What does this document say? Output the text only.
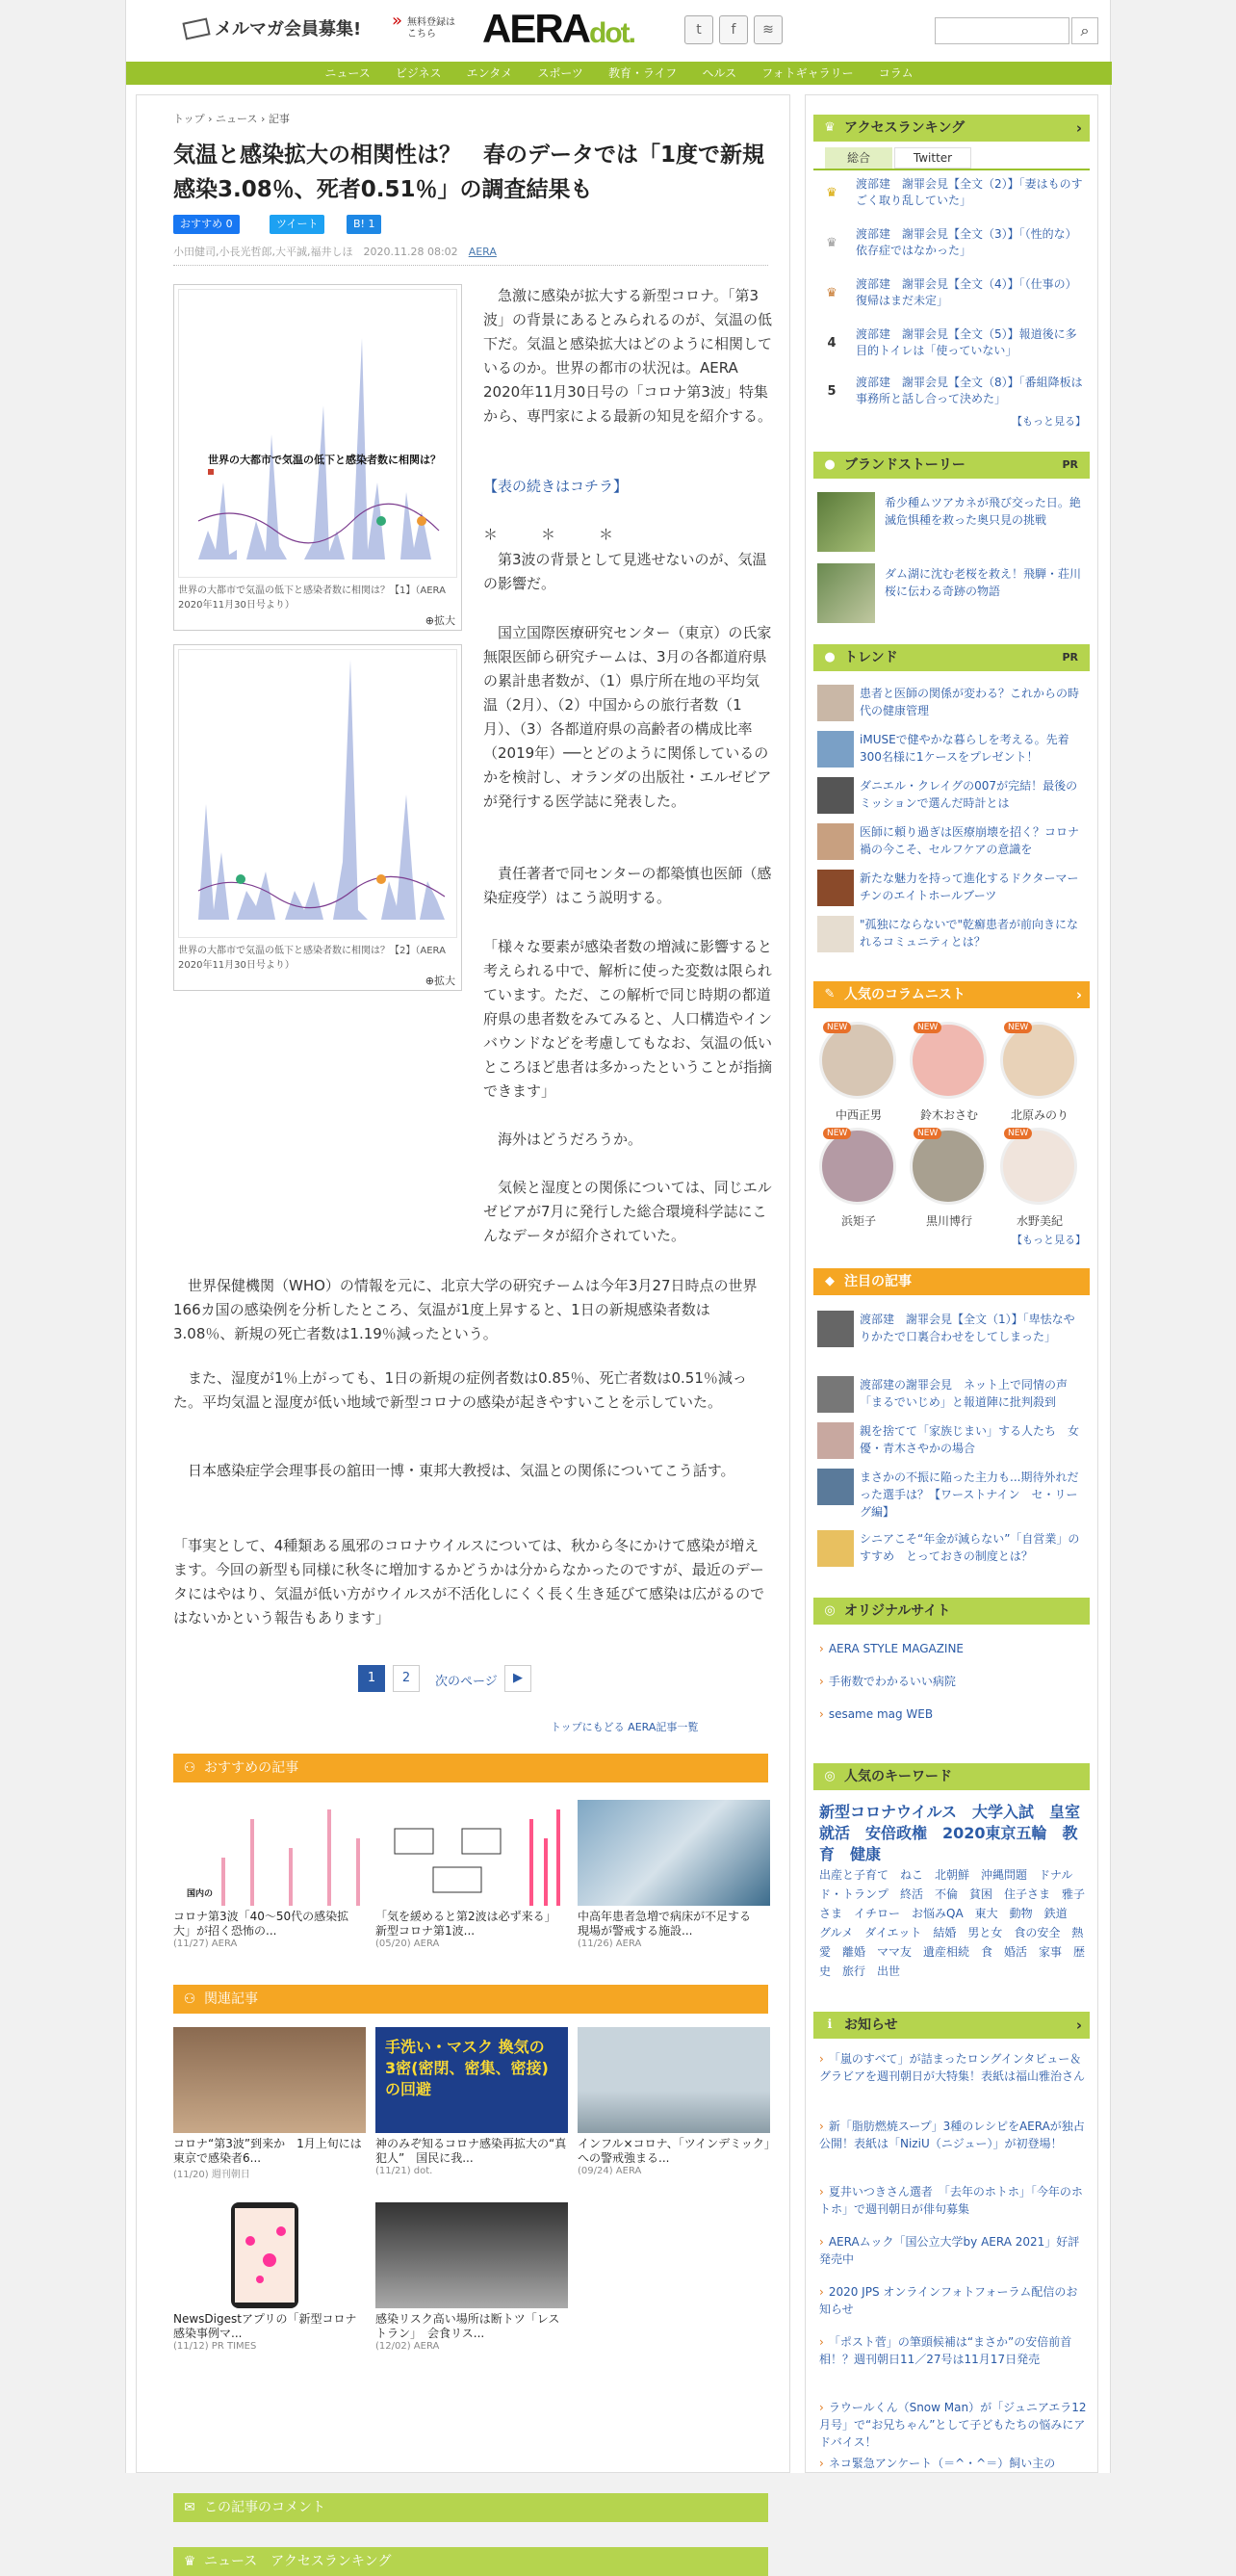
メルマガ会員募集! » 無料登録は
こちら	AERAdot.	t	f	≋	⌕
ニュース ビジネス エンタメ スポーツ 教育・ライフ ヘルス フォトギャラリー コラム
トップ › ニュース › 記事
気温と感染拡大の相関性は？　春のデータでは「1度で新規感染3.08％、死者0.51％」の調査結果も
おすすめ 0	ツイート	B! 1
小田健司,小長光哲郎,大平誠,福井しほ　 2020.11.28 08:02　 AERA
世界の大都市で気温の低下と感染者数に相関は？
世界の大都市で気温の低下と感染者数に相関は？【1】（AERA　2020年11月30日号より）
⊕拡大
世界の大都市で気温の低下と感染者数に相関は？【2】（AERA　2020年11月30日号より）
⊕拡大
急激に感染が拡大する新型コロナ。「第3波」の背景にあるとみられるのが、気温の低下だ。気温と感染拡大はどのように相関しているのか。世界の都市の状況は。AERA 2020年11月30日号の「コロナ第3波」特集から、専門家による最新の知見を紹介する。
【表の続きはコチラ】
＊　　　＊　　　＊
第3波の背景として見逃せないのが、気温の影響だ。
国立国際医療研究センター（東京）の氏家無限医師ら研究チームは、3月の各都道府県の累計患者数が、（1）県庁所在地の平均気温（2月）、（2）中国からの旅行者数（1月）、（3）各都道府県の高齢者の構成比率（2019年）──とどのように関係しているのかを検討し、オランダの出版社・エルゼビアが発行する医学誌に発表した。
責任著者で同センターの都築慎也医師（感染症疫学）はこう説明する。
「様々な要素が感染者数の増減に影響すると考えられる中で、解析に使った変数は限られています。ただ、この解析で同じ時期の都道府県の患者数をみてみると、人口構造やインバウンドなどを考慮してもなお、気温の低いところほど患者は多かったということが指摘できます」
海外はどうだろうか。
気候と湿度との関係については、同じエルゼビアが7月に発行した総合環境科学誌にこんなデータが紹介されていた。
世界保健機関（WHO）の情報を元に、北京大学の研究チームは今年3月27日時点の世界166カ国の感染例を分析したところ、気温が1度上昇すると、1日の新規感染者数は3.08％、新規の死亡者数は1.19％減ったという。
また、湿度が1％上がっても、1日の新規の症例者数は0.85％、死亡者数は0.51％減った。平均気温と湿度が低い地域で新型コロナの感染が起きやすいことを示していた。
日本感染症学会理事長の舘田一博・東邦大教授は、気温との関係についてこう話す。
「事実として、4種類ある風邪のコロナウイルスについては、秋から冬にかけて感染が増えます。今回の新型も同様に秋冬に増加するかどうかは分からなかったのですが、最近のデータにはやはり、気温が低い方がウイルスが不活化しにくく長く生き延びて感染は広がるのではないかという報告もあります」
1	2	次のページ	▶
トップにもどる AERA記事一覧
⚇ おすすめの記事
国内の
コロナ第3波「40～50代の感染拡大」が招く恐怖の...
(11/27) AERA
「気を緩めると第2波は必ず来る」　新型コロナ第1波...
(05/20) AERA
中高年患者急増で病床が不足する　現場が警戒する施設...
(11/26) AERA
⚇ 関連記事
コロナ“第3波”到来か　1月上旬には東京で感染者6...
(11/20) 週刊朝日
手洗い・マスク 換気の 3密(密閉、密集、密接)の回避
神のみぞ知るコロナ感染再拡大の“真犯人”　国民に我...
(11/21) dot.
インフル×コロナ、「ツインデミック」への警戒強まる...
(09/24) AERA
NewsDigestアプリの「新型コロナ感染事例マ...
(11/12) PR TIMES
感染リスク高い場所は断トツ「レストラン」　会食リス...
(12/02) AERA
✉ この記事のコメント
♛ ニュース　アクセスランキング
♛ アクセスランキング	›
総合	Twitter
♛
渡部建　謝罪会見【全文（2）】「妻はものすごく取り乱していた」
♛
渡部建　謝罪会見【全文（3）】「（性的な）依存症ではなかった」
♛
渡部建　謝罪会見【全文（4）】「（仕事の）復帰はまだ未定」
4
渡部建　謝罪会見【全文（5）】報道後に多目的トイレは「使っていない」
5
渡部建　謝罪会見【全文（8）】「番組降板は事務所と話し合って決めた」
【もっと見る】
● ブランドストーリー	PR
希少種ムツアカネが飛び交った日。絶滅危惧種を救った奥只見の挑戦
ダム湖に沈む老桜を救え！飛騨・荘川桜に伝わる奇跡の物語
● トレンド	PR
患者と医師の関係が変わる？これからの時代の健康管理
iMUSEで健やかな暮らしを考える。先着300名様に1ケースをプレゼント！
ダニエル・クレイグの007が完結！最後のミッションで選んだ時計とは
医師に頼り過ぎは医療崩壊を招く？コロナ禍の今こそ、セルフケアの意識を
新たな魅力を持って進化するドクターマーチンのエイトホールブーツ
"孤独にならないで"乾癬患者が前向きになれるコミュニティとは？
✎ 人気のコラムニスト	›
NEW
中西正男
NEW
鈴木おさむ
NEW
北原みのり
NEW
浜矩子
NEW
黒川博行
NEW
水野美紀
【もっと見る】
◆ 注目の記事
渡部建　謝罪会見【全文（1）】「卑怯なやりかたで口裏合わせをしてしまった」
渡部建の謝罪会見　ネット上で同情の声「まるでいじめ」と報道陣に批判殺到
親を捨てて「家族じまい」する人たち　女優・青木さやかの場合
まさかの不振に陥った主力も...期待外れだった選手は？【ワーストナイン　セ・リーグ編】
シニアこそ“年金が減らない”「自営業」のすすめ　とっておきの制度とは？
◎ オリジナルサイト
› AERA STYLE MAGAZINE
› 手術数でわかるいい病院
› sesame mag WEB
◎ 人気のキーワード
新型コロナウイルス　大学入試　皇室　就活　安倍政権　2020東京五輪　教育　健康
出産と子育て　ねこ　北朝鮮　沖縄問題　ドナルド・トランプ　終活　不倫　貧困　住子さま　雅子さま　イチロー　お悩みQA　東大　動物　鉄道　グルメ　ダイエット　結婚　男と女　食の安全　熱愛　離婚　ママ友　遺産相続　食　婚活　家事　歴史　旅行　出世
ℹ お知らせ	›
› 「嵐のすべて」が詰まったロングインタビュー＆グラビアを週刊朝日が大特集！表紙は福山雅治さん
› 新「脂肪燃焼スープ」3種のレシピをAERAが独占公開！表紙は「NiziU（ニジュー）」が初登場！
› 夏井いつきさん選者　「去年のホトホ」「今年のホトホ」で週刊朝日が俳句募集
› AERAムック「国公立大学by AERA 2021」好評発売中
› 2020 JPS オンラインフォトフォーラム配信のお知らせ
› 「ポスト菅」の筆頭候補は“まさか”の安倍前首相！？週刊朝日11／27号は11月17日発売
› ラウールくん（Snow Man）が「ジュニアエラ12月号」で“お兄ちゃん”として子どもたちの悩みにアドバイス！
› ネコ緊急アンケート（＝^・^＝）飼い主の
